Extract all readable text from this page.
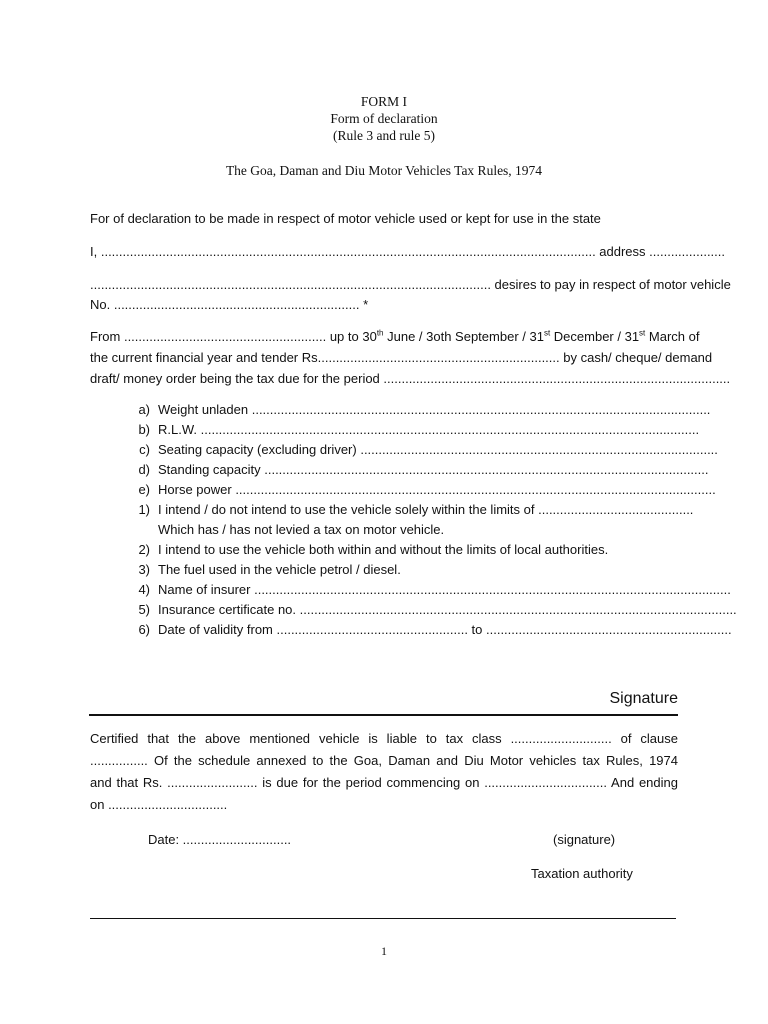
FORM I
Form of declaration
(Rule 3 and rule 5)
The Goa, Daman and Diu Motor Vehicles Tax Rules, 1974
For of declaration to be made in respect of motor vehicle used or kept for use in the state
I, ......................................................................................................................................... address .....................
............................................................................................................... desires to pay in respect of motor vehicle
No. .................................................................... *
From ........................................................ up to 30th June / 3oth September / 31st December / 31st March of
the current financial year and tender Rs................................................................... by cash/ cheque/ demand
draft/ money order being the tax due for the period ................................................................................................
a) Weight unladen ...............................................................................................................................
b) R.L.W. ..........................................................................................................................................
c) Seating capacity (excluding driver) ...................................................................................................
d) Standing capacity ...........................................................................................................................
e) Horse power .....................................................................................................................................
1) I intend / do not intend to use the vehicle solely within the limits of ...........................................
Which has / has not levied a tax on motor vehicle.
2) I intend to use the vehicle both within and without the limits of local authorities.
3) The fuel used in the vehicle petrol / diesel.
4) Name of insurer ....................................................................................................................................
5) Insurance certificate no. .........................................................................................................................
6) Date of validity from ..................................................... to ....................................................................
Signature
Certified that the above mentioned vehicle is liable to tax class ............................ of clause
................ Of the schedule annexed to the Goa, Daman and Diu Motor vehicles tax Rules, 1974
and that Rs. ......................... is due for the period commencing on .................................. And ending
on .................................
Date: ..............................	(signature)
Taxation authority
1
